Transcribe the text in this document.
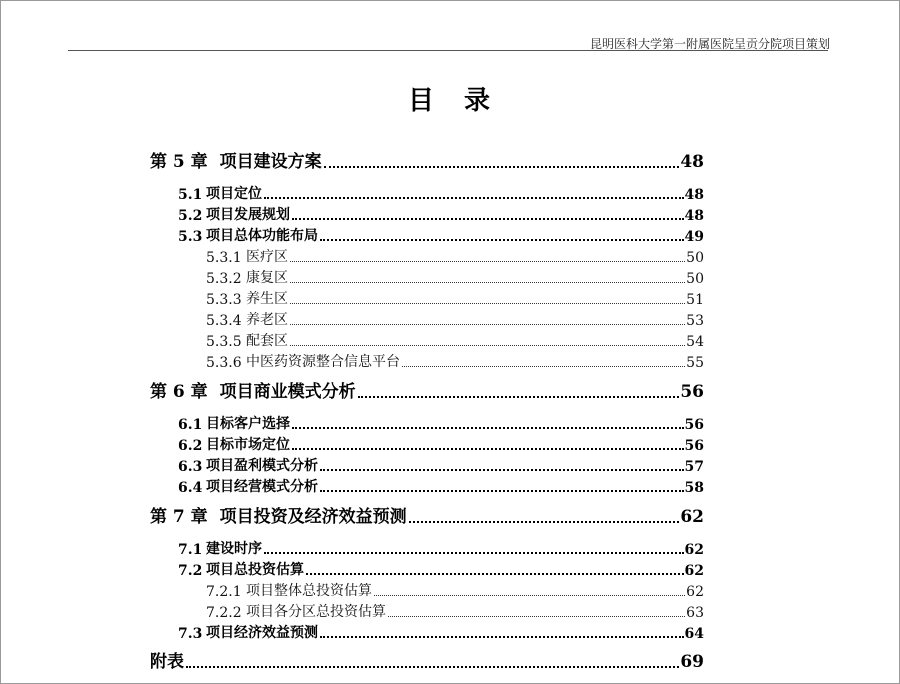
昆明医科大学第一附属医院呈贡分院项目策划
目 录
第 5 章 项目建设方案	48
5.1 项目定位	48
5.2 项目发展规划	48
5.3 项目总体功能布局	49
5.3.1 医疗区	50
5.3.2 康复区	50
5.3.3 养生区	51
5.3.4 养老区	53
5.3.5 配套区	54
5.3.6 中医药资源整合信息平台	55
第 6 章 项目商业模式分析	56
6.1 目标客户选择	56
6.2 目标市场定位	56
6.3 项目盈利模式分析	57
6.4 项目经营模式分析	58
第 7 章 项目投资及经济效益预测	62
7.1 建设时序	62
7.2 项目总投资估算	62
7.2.1 项目整体总投资估算	62
7.2.2 项目各分区总投资估算	63
7.3 项目经济效益预测	64
附表	69
